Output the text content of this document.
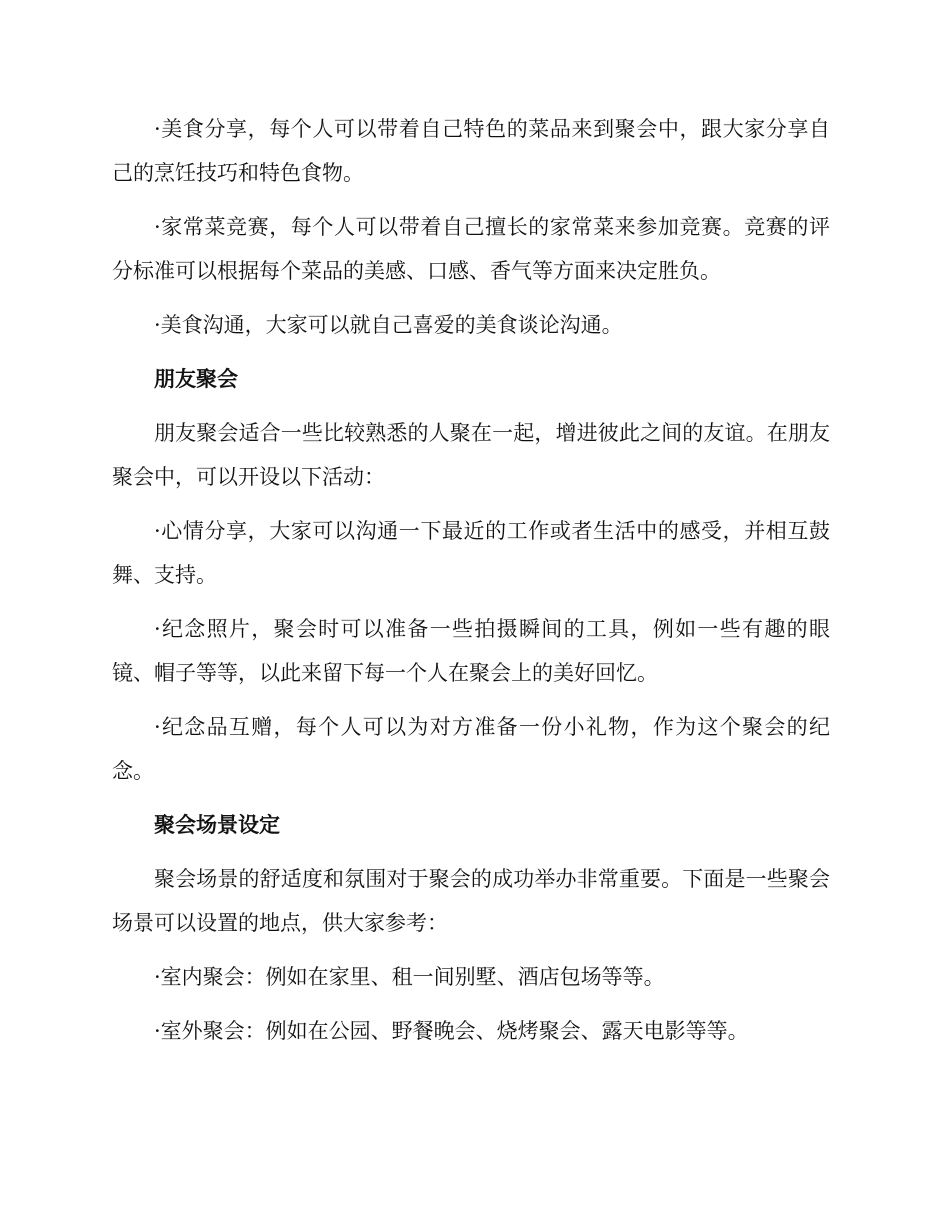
·美食分享，每个人可以带着自己特色的菜品来到聚会中，跟大家分享自己的烹饪技巧和特色食物。

·家常菜竞赛，每个人可以带着自己擅长的家常菜来参加竞赛。竞赛的评分标准可以根据每个菜品的美感、口感、香气等方面来决定胜负。

·美食沟通，大家可以就自己喜爱的美食谈论沟通。

朋友聚会

朋友聚会适合一些比较熟悉的人聚在一起，增进彼此之间的友谊。在朋友聚会中，可以开设以下活动：

·心情分享，大家可以沟通一下最近的工作或者生活中的感受，并相互鼓舞、支持。

·纪念照片，聚会时可以准备一些拍摄瞬间的工具，例如一些有趣的眼镜、帽子等等，以此来留下每一个人在聚会上的美好回忆。

·纪念品互赠，每个人可以为对方准备一份小礼物，作为这个聚会的纪念。

聚会场景设定

聚会场景的舒适度和氛围对于聚会的成功举办非常重要。下面是一些聚会场景可以设置的地点，供大家参考：

·室内聚会：例如在家里、租一间别墅、酒店包场等等。

·室外聚会：例如在公园、野餐晚会、烧烤聚会、露天电影等等。
